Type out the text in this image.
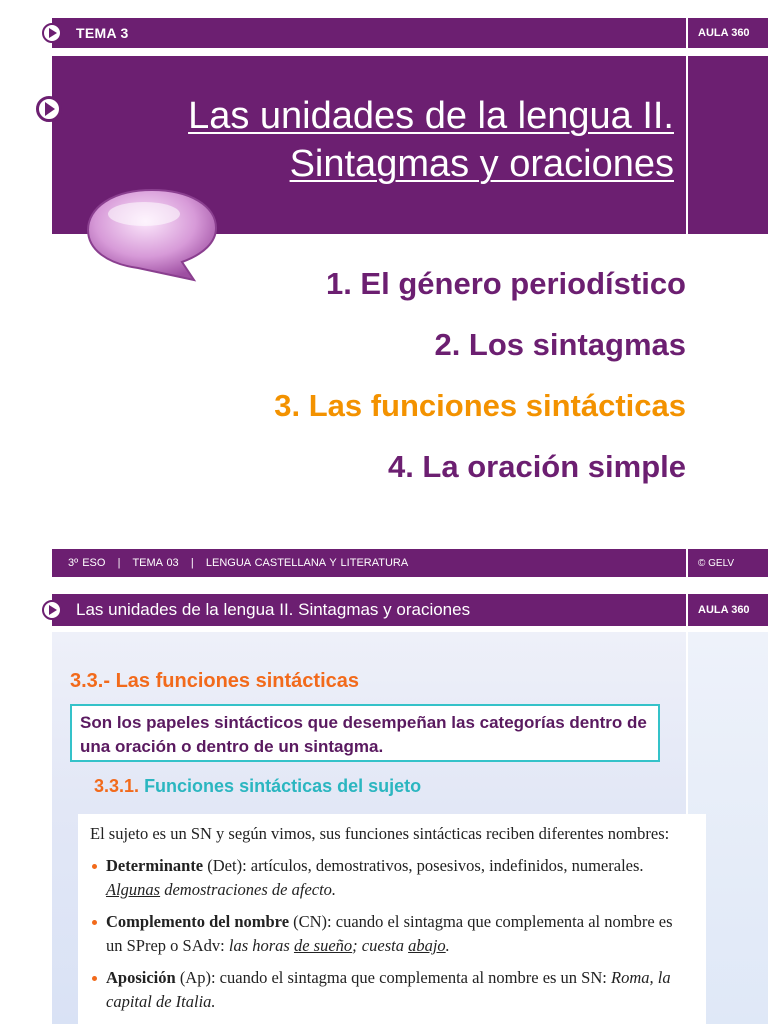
TEMA 3	AULA 360
Las unidades de la lengua II.
Sintagmas y oraciones
1. El género periodístico
2. Los sintagmas
3. Las funciones sintácticas
4. La oración simple
3º ESO | TEMA 03 | LENGUA CASTELLANA Y LITERATURA	© GELV
Las unidades de la lengua II. Sintagmas y oraciones	AULA 360
3.3.- Las funciones sintácticas
Son los papeles sintácticos que desempeñan las categorías dentro de una oración o dentro de un sintagma.
3.3.1. Funciones sintácticas del sujeto

El sujeto es un SN y según vimos, sus funciones sintácticas reciben diferentes nombres:

Determinante (Det): artículos, demostrativos, posesivos, indefinidos, numerales. Algunas demostraciones de afecto.
Complemento del nombre (CN): cuando el sintagma que complementa al nombre es un SPrep o SAdv: las horas de sueño; cuesta abajo.
Aposición (Ap): cuando el sintagma que complementa al nombre es un SN: Roma, la capital de Italia.
